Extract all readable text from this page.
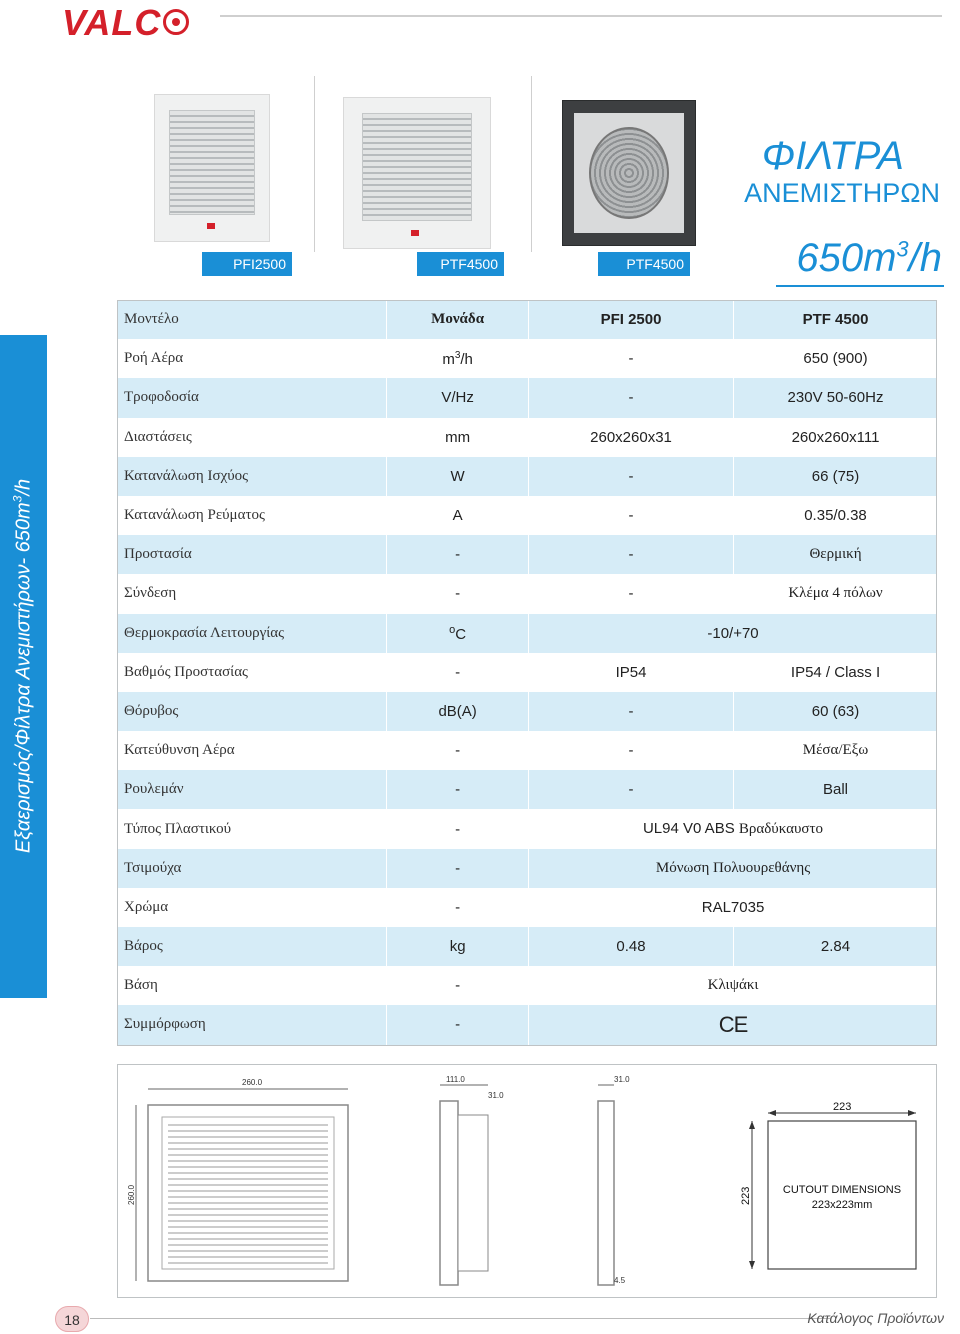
VALC
PFI2500	PTF4500	PTF4500
ΦΙΛΤΡΑ
ΑΝΕΜΙΣΤΗΡΩΝ
$650m^3/h$
Εξαερισμός/Φίλτρα Ανεμιστήρων- $650m^3/h$
Μοντέλο	Μονάδα	PFI 2500	PTF 4500
Ροή Αέρα	$m^3/h$	-	650 (900)
Τροφοδοσία	V/Hz	-	230V 50-60Hz
Διαστάσεις	mm	260x260x31	260x260x111
Κατανάλωση Ισχύος	W	-	66 (75)
Κατανάλωση Ρεύματος	A	-	0.35/0.38
Προστασία	-	-	Θερμική
Σύνδεση	-	-	Κλέμα 4 πόλων
Θερμοκρασία Λειτουργίας	$^o$C	-10/+70	
Βαθμός Προστασίας	-	IP54	IP54 / Class I
Θόρυβος	dB(A)	-	60 (63)
Κατεύθυνση Αέρα	-	-	Μέσα/Εξω
Ρουλεμάν	-	-	Ball
Τύπος Πλαστικού	-	UL94 V0 ABS Βραδύκαυστο	
Τσιμούχα	-	Μόνωση Πολυουρεθάνης	
Χρώμα	-	RAL7035	
Βάρος	kg	0.48	2.84
Βάση	-	Κλιψάκι	
Συμμόρφωση	-	CE	
260.0
260.0
111.0
31.0
31.0
4.5
223
223	CUTOUT DIMENSIONS
223x223mm
18	Κατάλογος Προϊόντων
